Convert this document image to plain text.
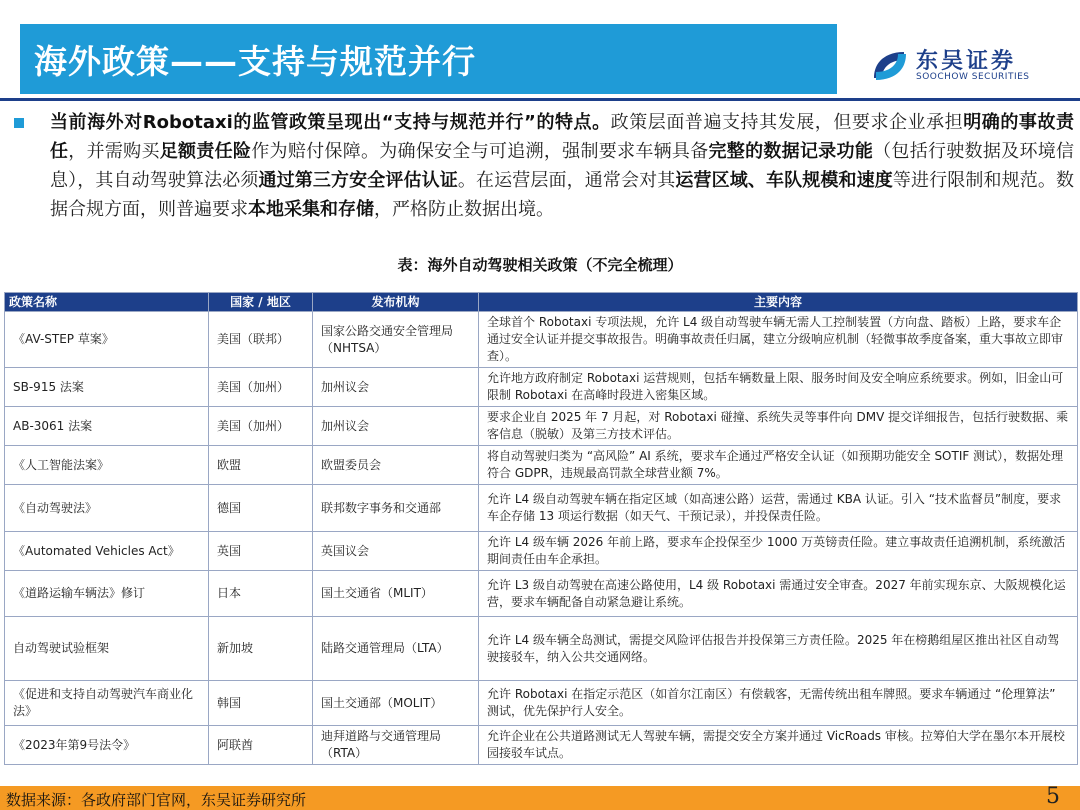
海外政策——支持与规范并行	东吴证券
SOOCHOW SECURITIES
当前海外对Robotaxi的监管政策呈现出“支持与规范并行”的特点。政策层面普遍支持其发展，但要求企业承担明确的事故责任，并需购买足额责任险作为赔付保障。为确保安全与可追溯，强制要求车辆具备完整的数据记录功能（包括行驶数据及环境信息），其自动驾驶算法必须通过第三方安全评估认证。在运营层面，通常会对其运营区域、车队规模和速度等进行限制和规范。数据合规方面，则普遍要求本地采集和存储，严格防止数据出境。
表：海外自动驾驶相关政策（不完全梳理）
政策名称	国家 / 地区	发布机构	主要内容
《AV-STEP 草案》	美国（联邦）	国家公路交通安全管理局（NHTSA）	全球首个 Robotaxi 专项法规，允许 L4 级自动驾驶车辆无需人工控制装置（方向盘、踏板）上路，要求车企通过安全认证并提交事故报告。明确事故责任归属，建立分级响应机制（轻微事故季度备案，重大事故立即审查）。
SB-915 法案	美国（加州）	加州议会	允许地方政府制定 Robotaxi 运营规则，包括车辆数量上限、服务时间及安全响应系统要求。例如，旧金山可限制 Robotaxi 在高峰时段进入密集区域。
AB-3061 法案	美国（加州）	加州议会	要求企业自 2025 年 7 月起，对 Robotaxi 碰撞、系统失灵等事件向 DMV 提交详细报告，包括行驶数据、乘客信息（脱敏）及第三方技术评估。
《人工智能法案》	欧盟	欧盟委员会	将自动驾驶归类为 “高风险” AI 系统，要求车企通过严格安全认证（如预期功能安全 SOTIF 测试），数据处理符合 GDPR，违规最高罚款全球营业额 7%。
《自动驾驶法》	德国	联邦数字事务和交通部	允许 L4 级自动驾驶车辆在指定区域（如高速公路）运营，需通过 KBA 认证。引入 “技术监督员”制度，要求车企存储 13 项运行数据（如天气、干预记录），并投保责任险。
《Automated Vehicles Act》	英国	英国议会	允许 L4 级车辆 2026 年前上路，要求车企投保至少 1000 万英镑责任险。建立事故责任追溯机制，系统激活期间责任由车企承担。
《道路运输车辆法》修订	日本	国土交通省（MLIT）	允许 L3 级自动驾驶在高速公路使用，L4 级 Robotaxi 需通过安全审查。2027 年前实现东京、大阪规模化运营，要求车辆配备自动紧急避让系统。
自动驾驶试验框架	新加坡	陆路交通管理局（LTA）	允许 L4 级车辆全岛测试，需提交风险评估报告并投保第三方责任险。2025 年在榜鹅组屋区推出社区自动驾驶接驳车，纳入公共交通网络。
《促进和支持自动驾驶汽车商业化法》	韩国	国土交通部（MOLIT）	允许 Robotaxi 在指定示范区（如首尔江南区）有偿载客，无需传统出租车牌照。要求车辆通过 “伦理算法” 测试，优先保护行人安全。
《2023年第9号法令》	阿联酋	迪拜道路与交通管理局（RTA）	允许企业在公共道路测试无人驾驶车辆，需提交安全方案并通过 VicRoads 审核。拉筹伯大学在墨尔本开展校园接驳车试点。
数据来源：各政府部门官网，东吴证券研究所	5
